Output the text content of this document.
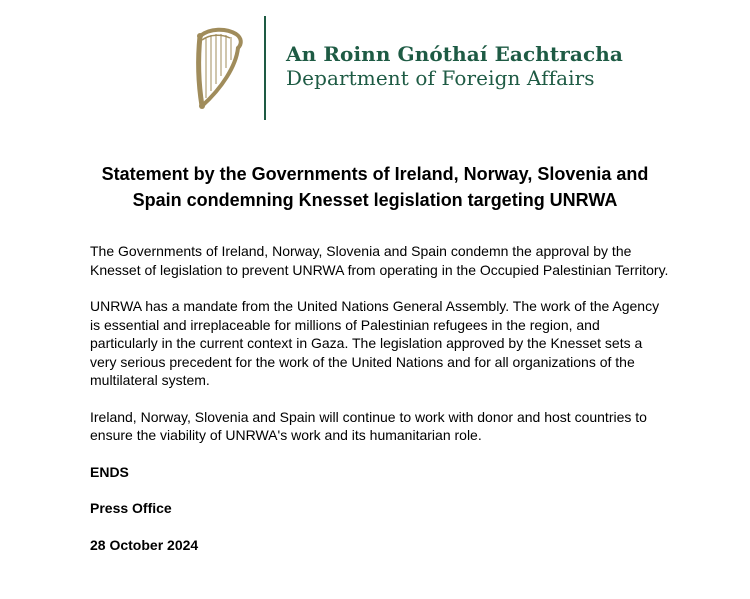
An Roinn Gnóthaí Eachtracha
Department of Foreign Affairs
Statement by the Governments of Ireland, Norway, Slovenia and
Spain condemning Knesset legislation targeting UNRWA

The Governments of Ireland, Norway, Slovenia and Spain condemn the approval by the Knesset of legislation to prevent UNRWA from operating in the Occupied Palestinian Territory.

UNRWA has a mandate from the United Nations General Assembly. The work of the Agency is essential and irreplaceable for millions of Palestinian refugees in the region, and particularly in the current context in Gaza. The legislation approved by the Knesset sets a very serious precedent for the work of the United Nations and for all organizations of the multilateral system.

Ireland, Norway, Slovenia and Spain will continue to work with donor and host countries to ensure the viability of UNRWA's work and its humanitarian role.

ENDS

Press Office

28 October 2024
